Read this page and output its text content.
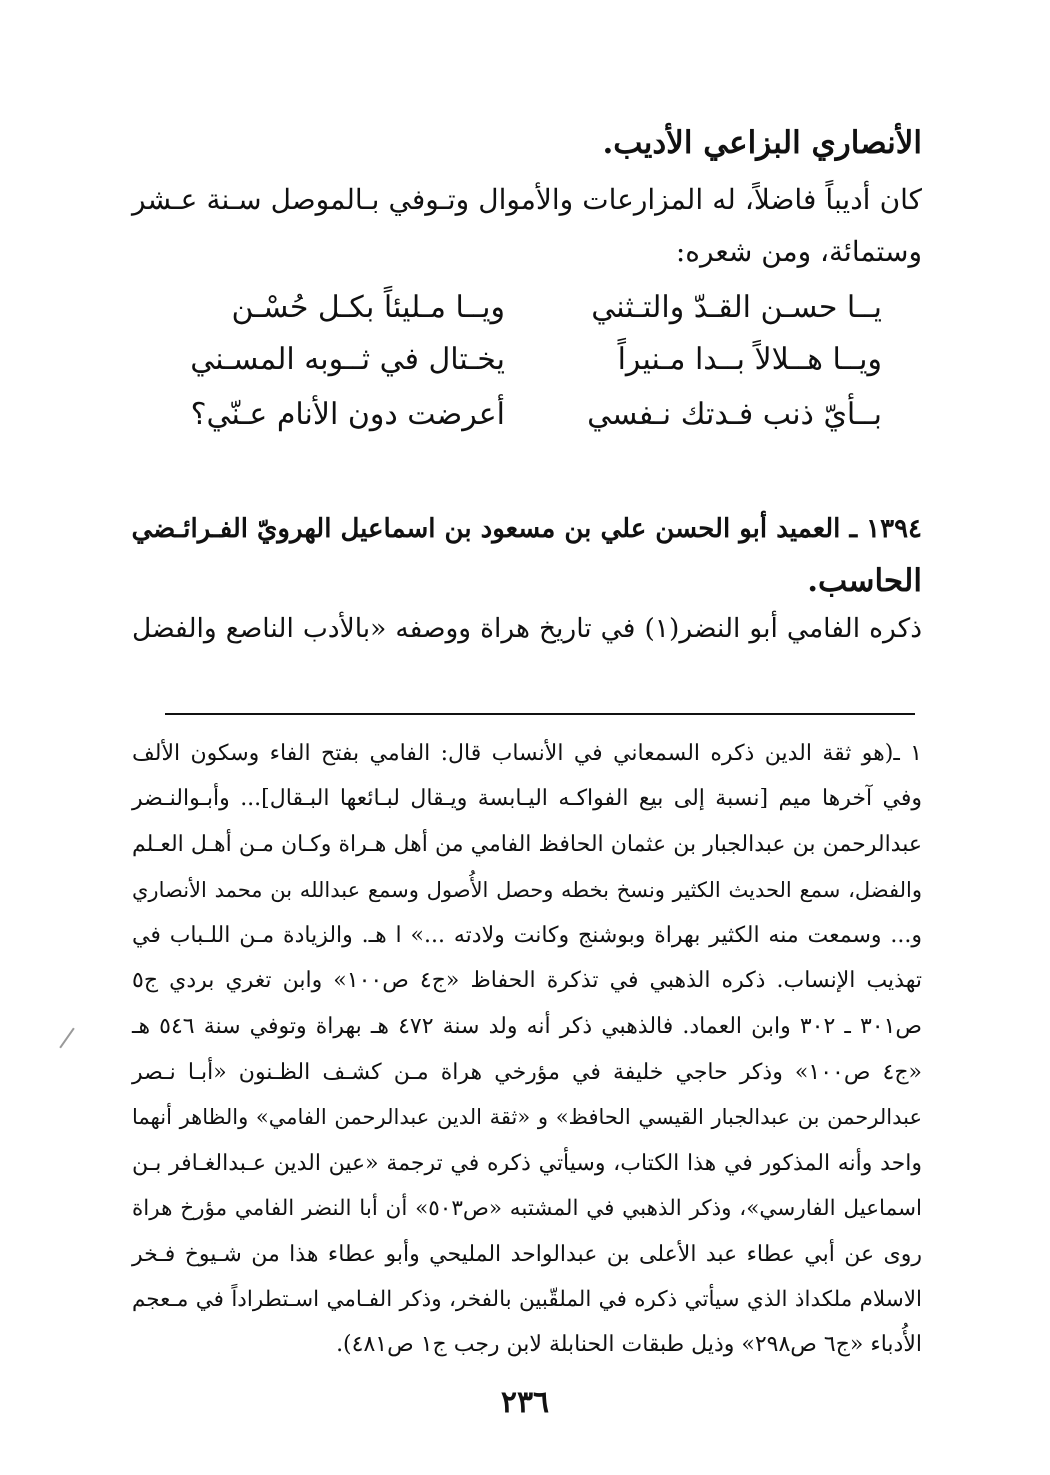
الأنصاري البزاعي الأديب.
كان أديباً فاضلاً، له المزارعات والأموال وتـوفي بـالموصل سـنة عـشر
وستمائة، ومن شعره:
يــا حسـن القـدّ والتـثني
ويــا مـليئاً بكـل حُسْـن
ويــا هــلالاً بــدا مـنيراً
يخـتال في ثــوبه المسـني
بــأيّ ذنب فـدتك نـفسي
أعرضت دون الأنام عـنّي؟
١٣٩٤ ـ العميد أبو الحسن علي بن مسعود بن اسماعيل الهرويّ الفـرائـضي
الحاسب.
ذكره الفامي أبو النضر(١) في تاريخ هراة ووصفه «بالأدب الناصع والفضل
١ ـ(هو ثقة الدين ذكره السمعاني في الأنساب قال: الفامي بفتح الفاء وسكون الألف
وفي آخرها ميم [نسبة إلى بيع الفواكـه اليـابسة ويـقال لبـائعها البـقال]... وأبـوالنـضر
عبدالرحمن بن عبدالجبار بن عثمان الحافظ الفامي من أهل هـراة وكـان مـن أهـل العـلم
والفضل، سمع الحديث الكثير ونسخ بخطه وحصل الأُصول وسمع عبدالله بن محمد الأنصاري
و... وسمعت منه الكثير بهراة وبوشنج وكانت ولادته ...» ا هـ. والزيادة مـن اللـباب في
تهذيب الإنساب. ذكره الذهبي في تذكرة الحفاظ «ج٤ ص١٠٠» وابن تغري بردي ج٥
ص٣٠١ ـ ٣٠٢ وابن العماد. فالذهبي ذكر أنه ولد سنة ٤٧٢ هـ بهراة وتوفي سنة ٥٤٦ هـ
«ج٤ ص١٠٠» وذكر حاجي خليفة في مؤرخي هراة مـن كشـف الظـنون «أبـا نـصر
عبدالرحمن بن عبدالجبار القيسي الحافظ» و «ثقة الدين عبدالرحمن الفامي» والظاهر أنهما
واحد وأنه المذكور في هذا الكتاب، وسيأتي ذكره في ترجمة «عين الدين عـبدالغـافر بـن
اسماعيل الفارسي»، وذكر الذهبي في المشتبه «ص٥٠٣» أن أبا النضر الفامي مؤرخ هراة
روى عن أبي عطاء عبد الأعلى بن عبدالواحد المليحي وأبو عطاء هذا من شـيوخ فـخر
الاسلام ملكداذ الذي سيأتي ذكره في الملقّبين بالفخر، وذكر الفـامي اسـتطراداً في مـعجم
الأُدباء «ج٦ ص٢٩٨» وذيل طبقات الحنابلة لابن رجب ج١ ص٤٨١).
٢٣٦
